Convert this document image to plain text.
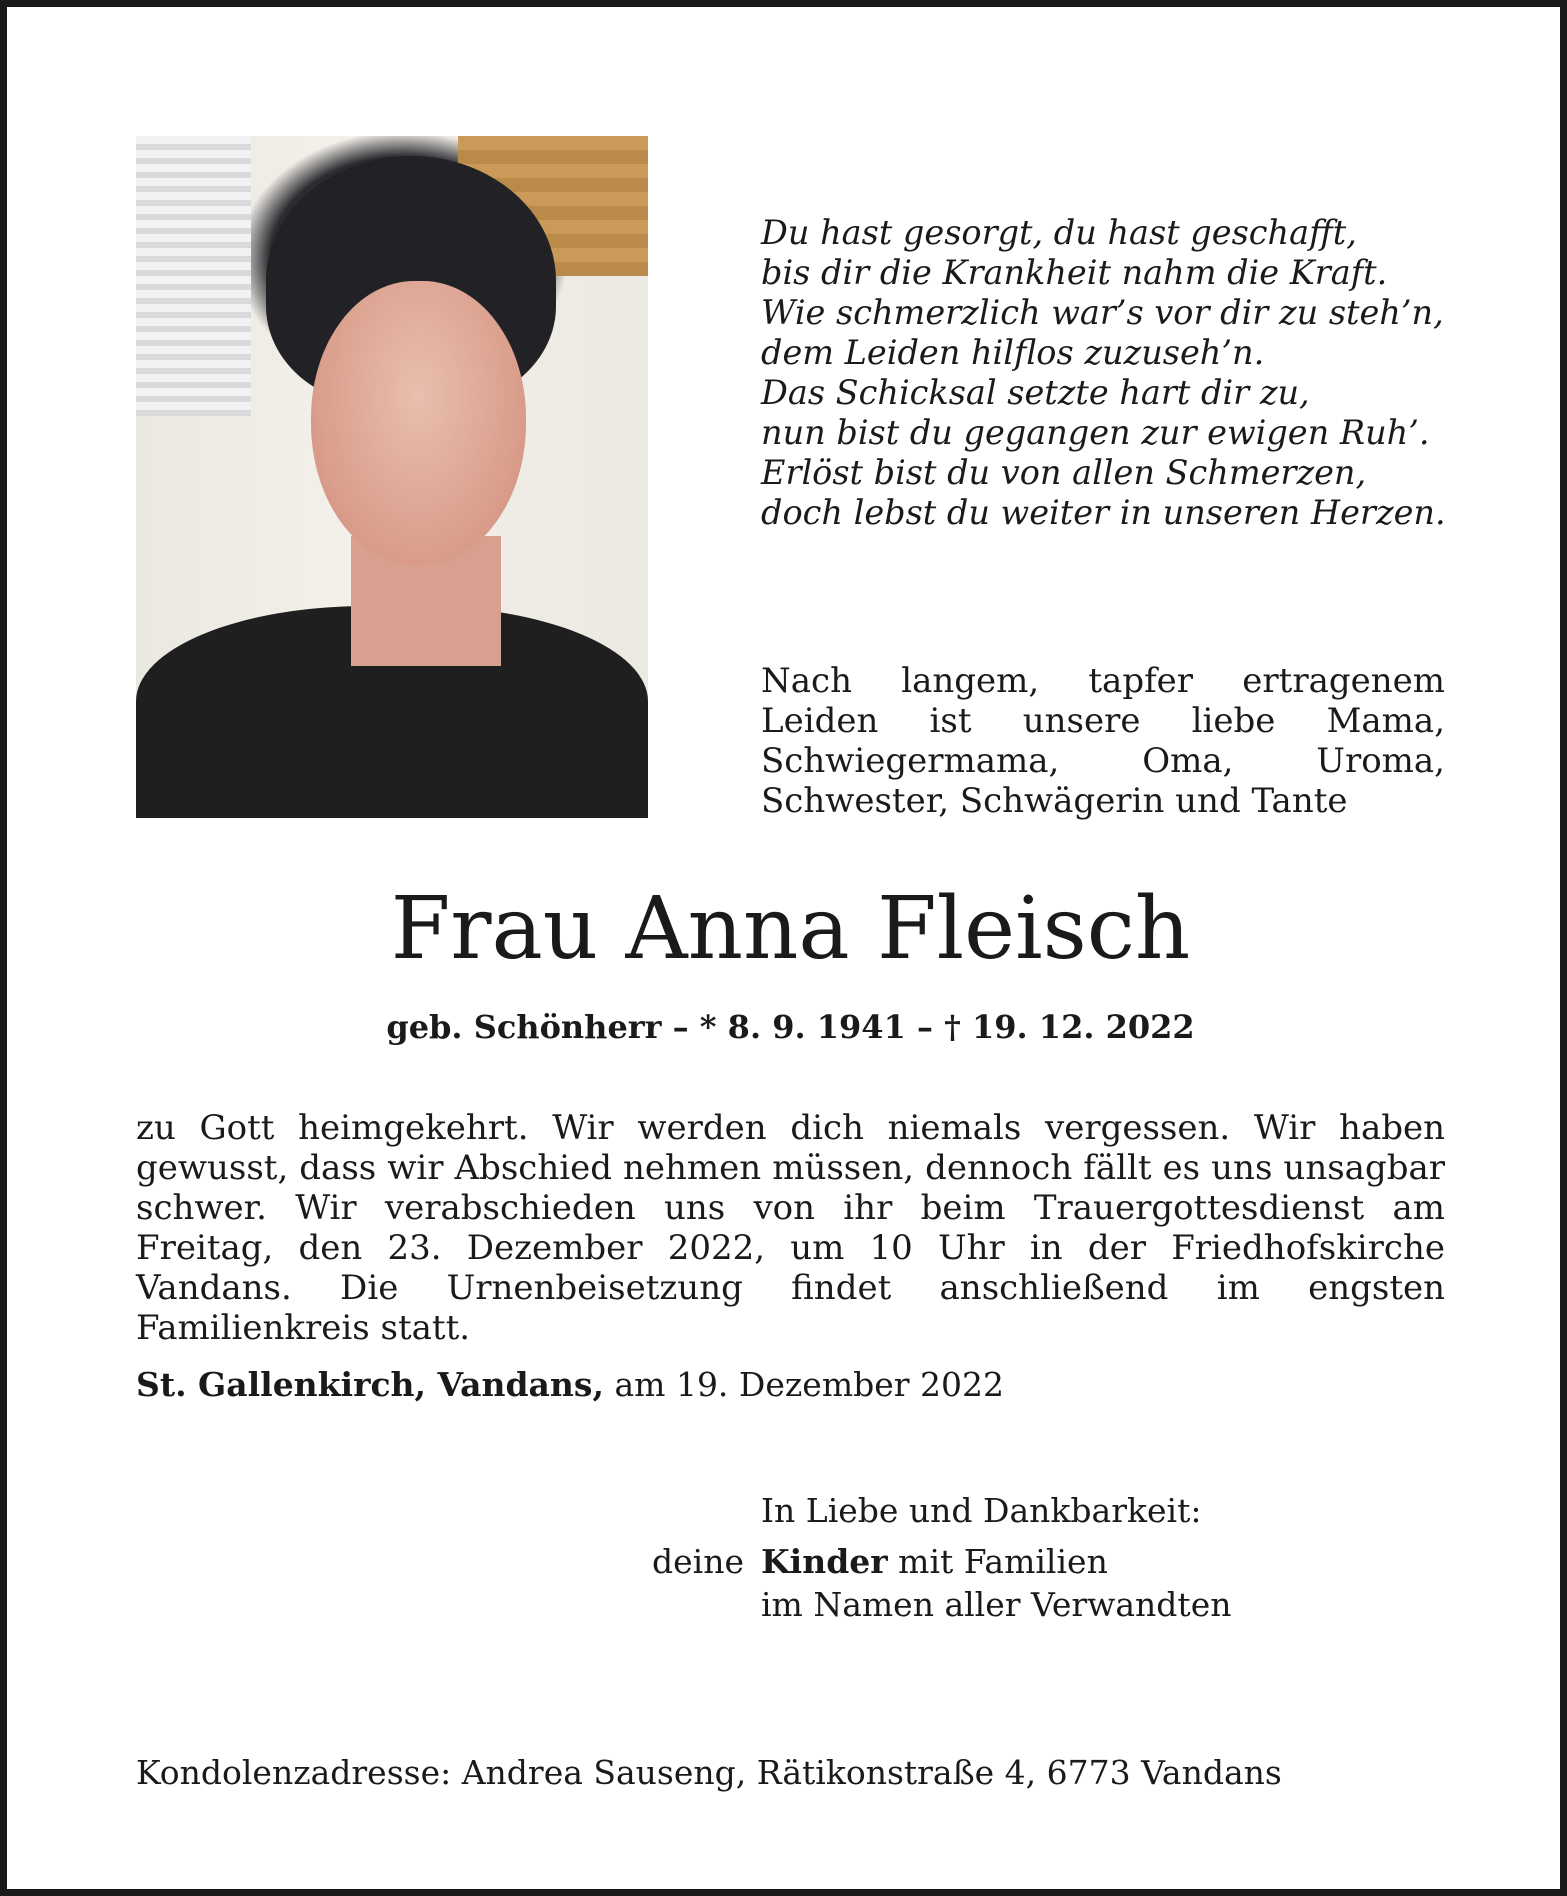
Du hast gesorgt, du hast geschafft,
bis dir die Krankheit nahm die Kraft.
Wie schmerzlich war’s vor dir zu steh’n,
dem Leiden hilflos zuzuseh’n.
Das Schicksal setzte hart dir zu,
nun bist du gegangen zur ewigen Ruh’.
Erlöst bist du von allen Schmerzen,
doch lebst du weiter in unseren Herzen.

Nach langem, tapfer ertragenem Leiden ist unsere liebe Mama, Schwiegermama, Oma, Uroma, Schwester, Schwägerin und Tante

Frau Anna Fleisch

geb. Schönherr – * 8. 9. 1941 – † 19. 12. 2022

zu Gott heimgekehrt. Wir werden dich niemals vergessen. Wir haben gewusst, dass wir Abschied nehmen müssen, dennoch fällt es uns unsagbar schwer. Wir verabschieden uns von ihr beim Trauergottesdienst am Freitag, den 23. Dezember 2022, um 10 Uhr in der Friedhofskirche Vandans. Die Urnenbeisetzung findet anschließend im engsten Familienkreis statt.

St. Gallenkirch, Vandans, am 19. Dezember 2022

In Liebe und Dankbarkeit:

deine Kinder mit Familien

im Namen aller Verwandten

Kondolenzadresse: Andrea Sauseng, Rätikonstraße 4, 6773 Vandans
